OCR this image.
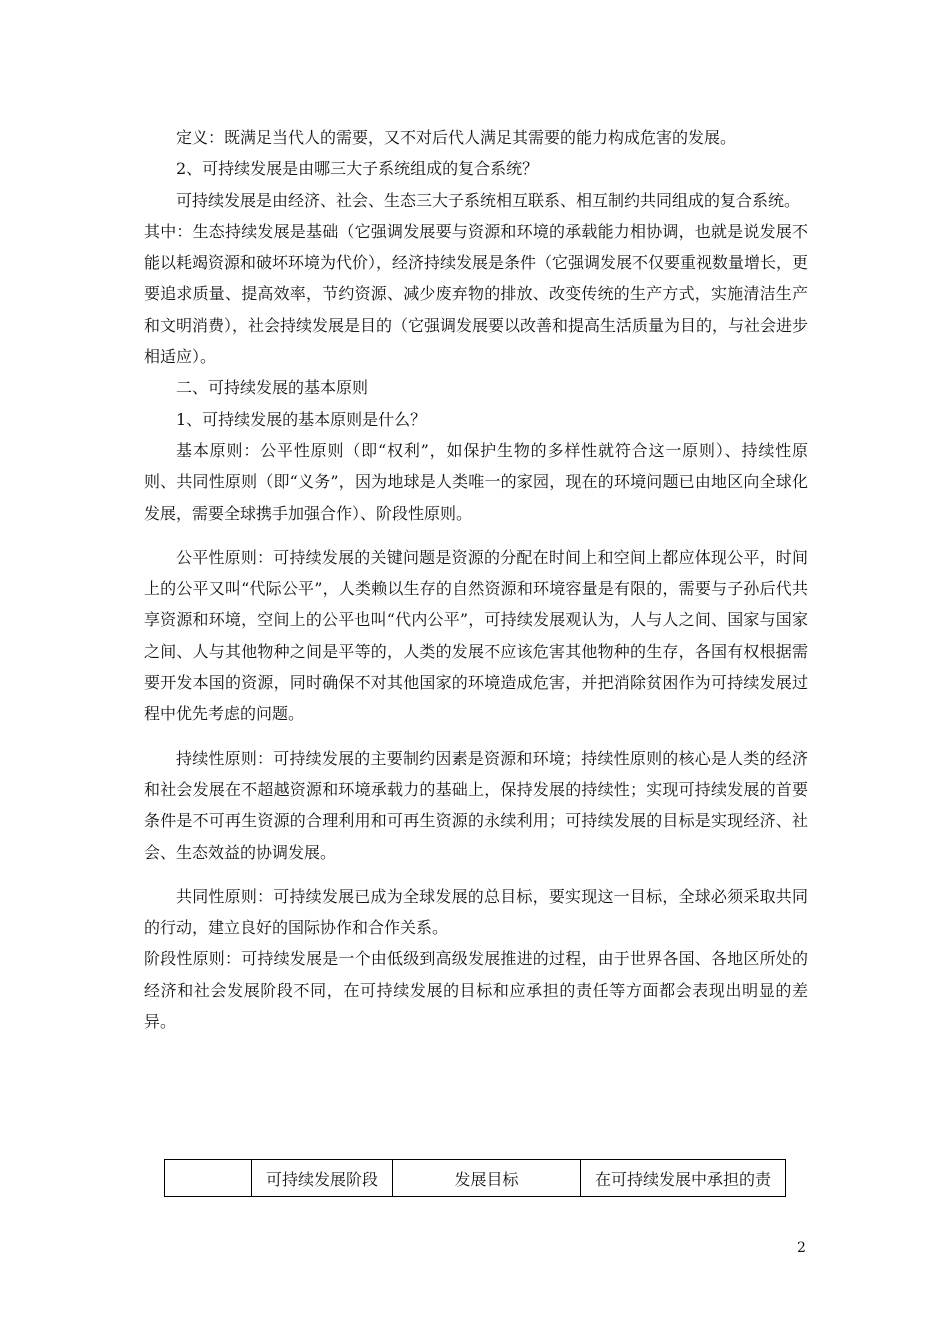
定义：既满足当代人的需要，又不对后代人满足其需要的能力构成危害的发展。

2、可持续发展是由哪三大子系统组成的复合系统？

可持续发展是由经济、社会、生态三大子系统相互联系、相互制约共同组成的复合系统。

其中：生态持续发展是基础（它强调发展要与资源和环境的承载能力相协调，也就是说发展不能以耗竭资源和破坏环境为代价），经济持续发展是条件（它强调发展不仅要重视数量增长，更要追求质量、提高效率，节约资源、减少废弃物的排放、改变传统的生产方式，实施清洁生产和文明消费），社会持续发展是目的（它强调发展要以改善和提高生活质量为目的，与社会进步相适应）。

二、可持续发展的基本原则

1、可持续发展的基本原则是什么？

基本原则：公平性原则（即“权利”，如保护生物的多样性就符合这一原则）、持续性原则、共同性原则（即“义务”，因为地球是人类唯一的家园，现在的环境问题已由地区向全球化发展，需要全球携手加强合作）、阶段性原则。

公平性原则：可持续发展的关键问题是资源的分配在时间上和空间上都应体现公平，时间上的公平又叫“代际公平”，人类赖以生存的自然资源和环境容量是有限的，需要与子孙后代共享资源和环境，空间上的公平也叫“代内公平”，可持续发展观认为，人与人之间、国家与国家之间、人与其他物种之间是平等的，人类的发展不应该危害其他物种的生存，各国有权根据需要开发本国的资源，同时确保不对其他国家的环境造成危害，并把消除贫困作为可持续发展过程中优先考虑的问题。

持续性原则：可持续发展的主要制约因素是资源和环境；持续性原则的核心是人类的经济和社会发展在不超越资源和环境承载力的基础上，保持发展的持续性；实现可持续发展的首要条件是不可再生资源的合理利用和可再生资源的永续利用；可持续发展的目标是实现经济、社会、生态效益的协调发展。

共同性原则：可持续发展已成为全球发展的总目标，要实现这一目标，全球必须采取共同的行动，建立良好的国际协作和合作关系。

阶段性原则：可持续发展是一个由低级到高级发展推进的过程，由于世界各国、各地区所处的经济和社会发展阶段不同，在可持续发展的目标和应承担的责任等方面都会表现出明显的差异。

	可持续发展阶段	发展目标	在可持续发展中承担的责
2
